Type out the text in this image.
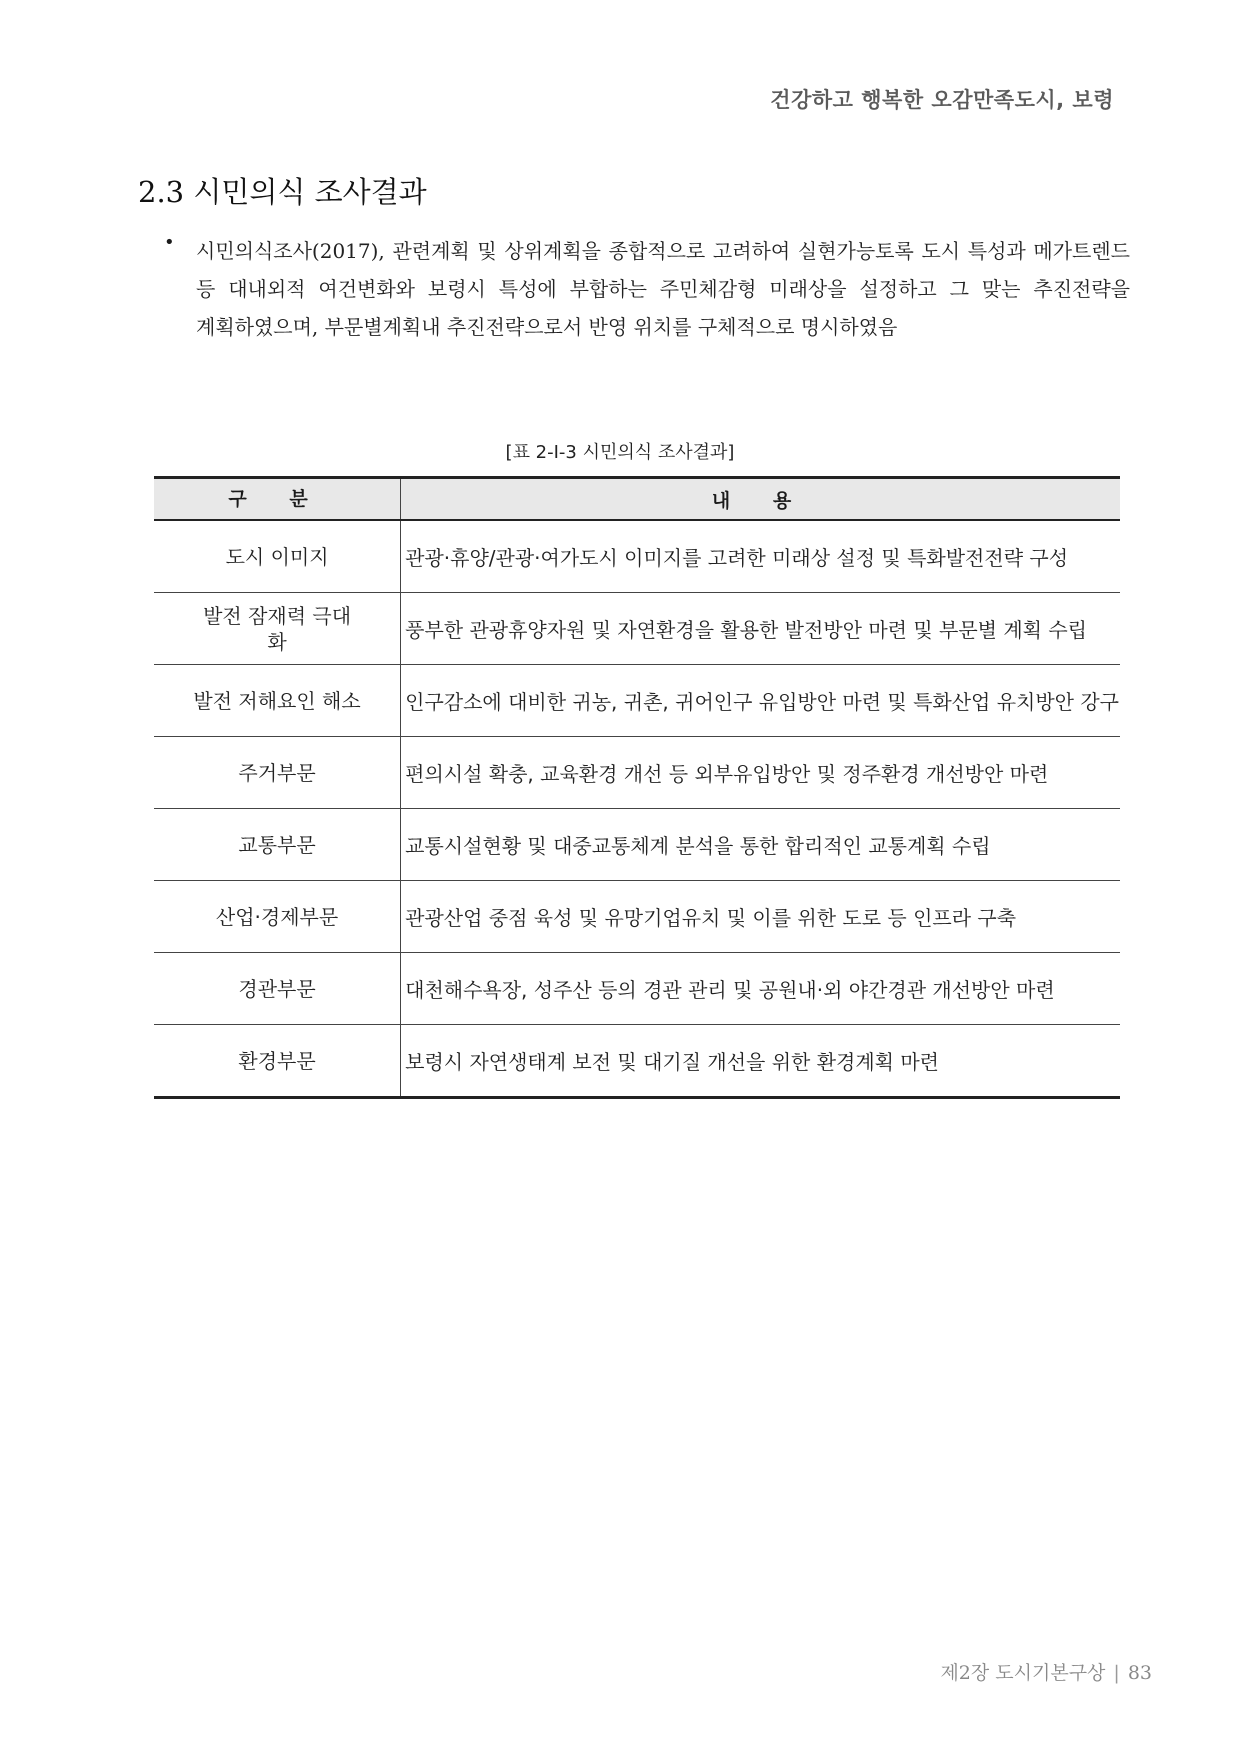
건강하고 행복한 오감만족도시, 보령
2.3 시민의식 조사결과
• 시민의식조사(2017), 관련계획 및 상위계획을 종합적으로 고려하여 실현가능토록 도시 특성과 메가트렌드 등 대내외적 여건변화와 보령시 특성에 부합하는 주민체감형 미래상을 설정하고 그 맞는 추진전략을 계획하였으며, 부문별계획내 추진전략으로서 반영 위치를 구체적으로 명시하였음
[표 2-Ⅰ-3 시민의식 조사결과]
구 분	내 용
도시 이미지	관광·휴양/관광·여가도시 이미지를 고려한 미래상 설정 및 특화발전전략 구성
발전 잠재력 극대화	풍부한 관광휴양자원 및 자연환경을 활용한 발전방안 마련 및 부문별 계획 수립
발전 저해요인 해소	인구감소에 대비한 귀농, 귀촌, 귀어인구 유입방안 마련 및 특화산업 유치방안 강구
주거부문	편의시설 확충, 교육환경 개선 등 외부유입방안 및 정주환경 개선방안 마련
교통부문	교통시설현황 및 대중교통체계 분석을 통한 합리적인 교통계획 수립
산업·경제부문	관광산업 중점 육성 및 유망기업유치 및 이를 위한 도로 등 인프라 구축
경관부문	대천해수욕장, 성주산 등의 경관 관리 및 공원내·외 야간경관 개선방안 마련
환경부문	보령시 자연생태계 보전 및 대기질 개선을 위한 환경계획 마련
제2장 도시기본구상 | 83
